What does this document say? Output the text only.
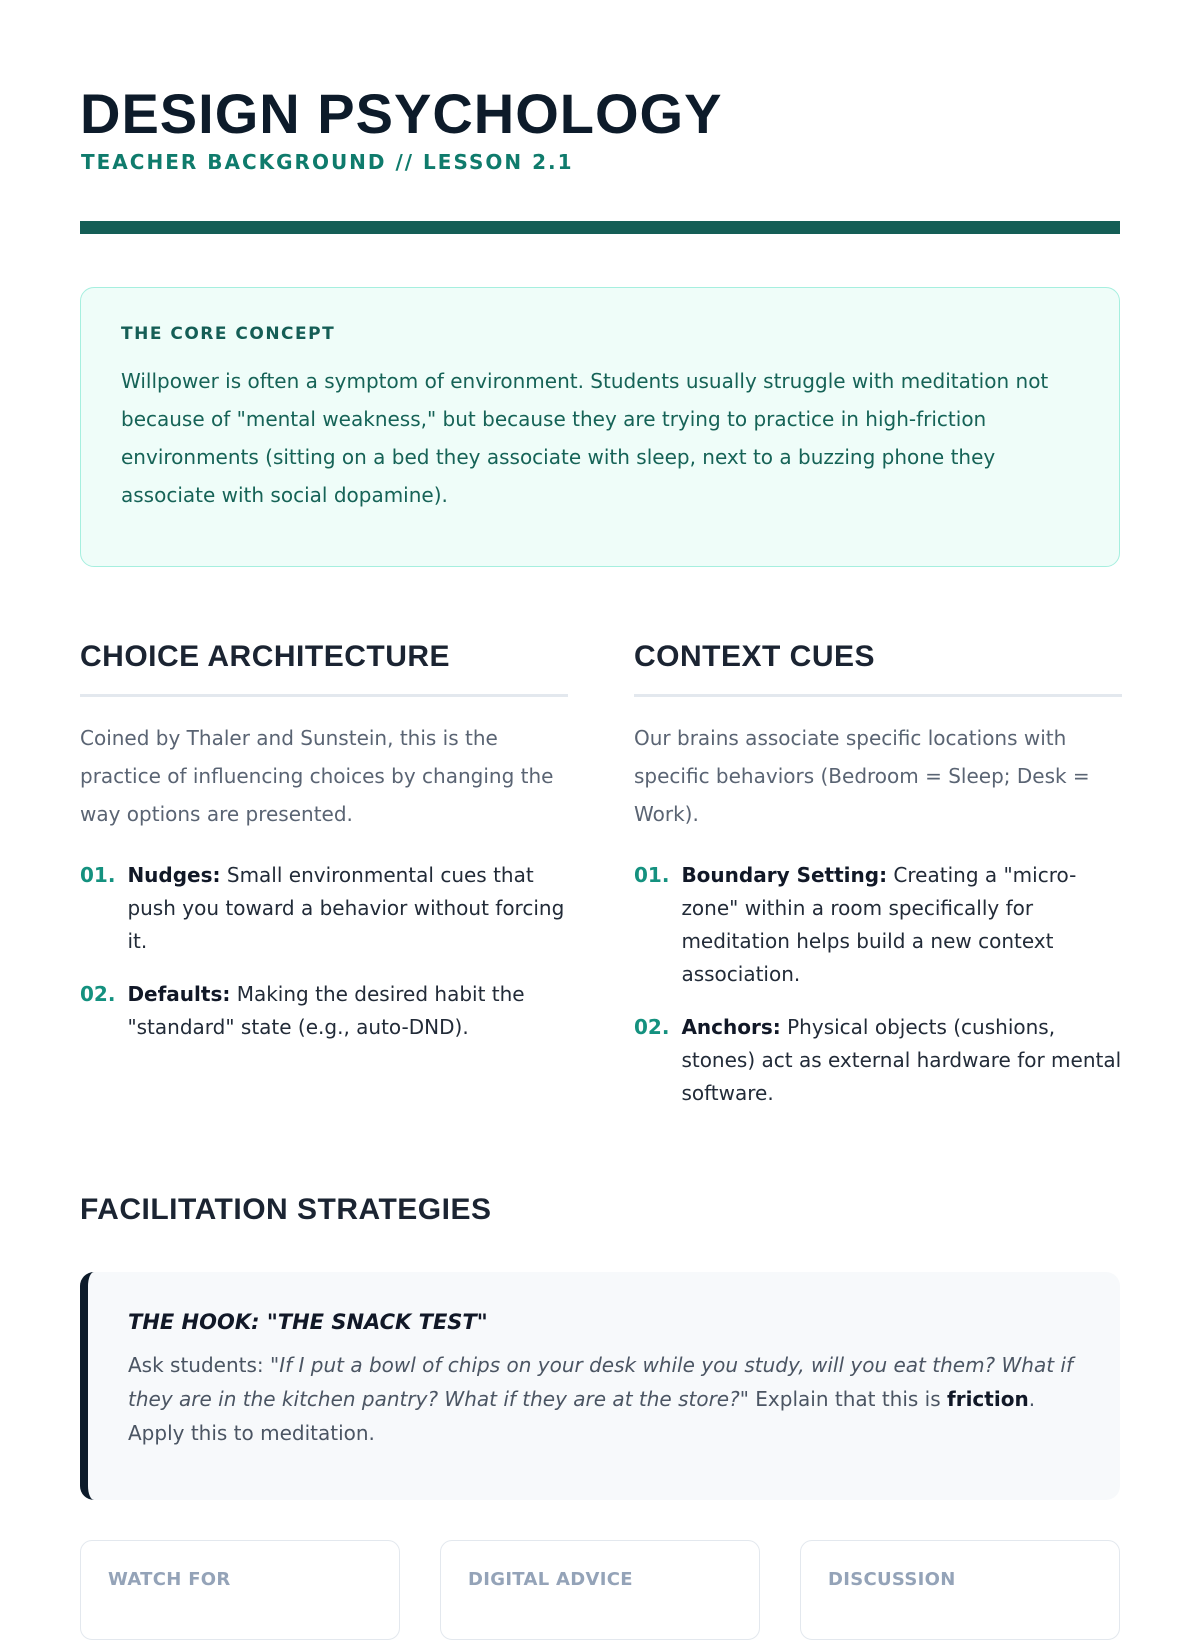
DESIGN PSYCHOLOGY

TEACHER BACKGROUND // LESSON 2.1

THE CORE CONCEPT

Willpower is often a symptom of environment. Students usually struggle with meditation not because of "mental weakness," but because they are trying to practice in high-friction environments (sitting on a bed they associate with sleep, next to a buzzing phone they associate with social dopamine).

CHOICE ARCHITECTURE

Coined by Thaler and Sunstein, this is the practice of influencing choices by changing the way options are presented.

01. Nudges: Small environmental cues that push you toward a behavior without forcing it.
02. Defaults: Making the desired habit the "standard" state (e.g., auto-DND).
CONTEXT CUES

Our brains associate specific locations with specific behaviors (Bedroom = Sleep; Desk = Work).

01. Boundary Setting: Creating a "micro-zone" within a room specifically for meditation helps build a new context association.
02. Anchors: Physical objects (cushions, stones) act as external hardware for mental software.
FACILITATION STRATEGIES

THE HOOK: "THE SNACK TEST"

Ask students: "If I put a bowl of chips on your desk while you study, will you eat them? What if they are in the kitchen pantry? What if they are at the store?" Explain that this is friction. Apply this to meditation.

WATCH FOR	DIGITAL ADVICE	DISCUSSION
